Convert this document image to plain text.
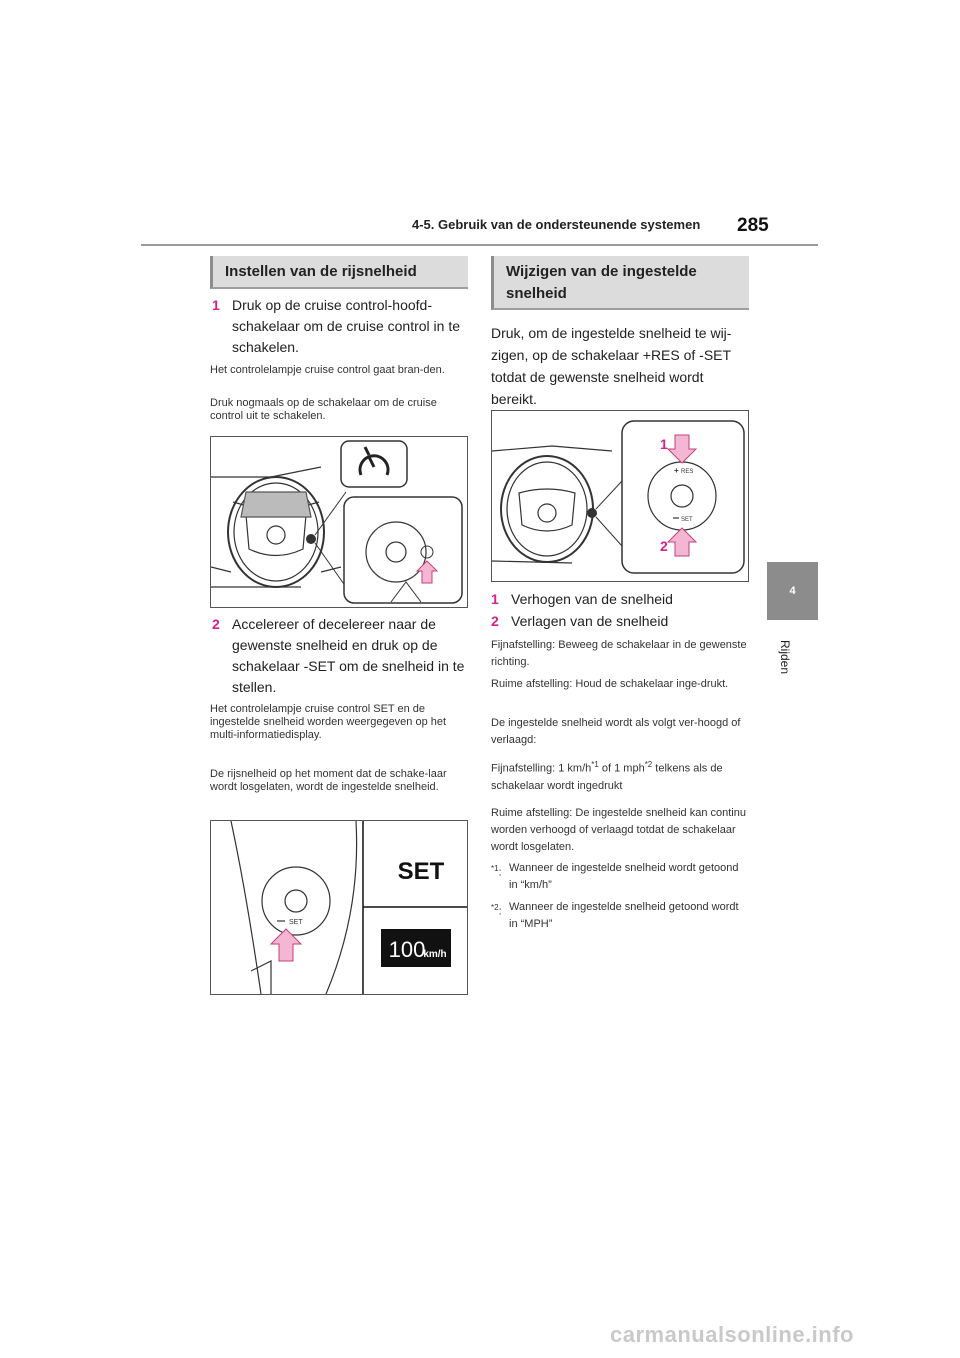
4-5. Gebruik van de ondersteunende systemen 285
4
Rijden
Instellen van de rijsnelheid
1 Druk op de cruise control-hoofd-schakelaar om de cruise control in te schakelen.
Het controlelampje cruise control gaat bran-den.
Druk nogmaals op de schakelaar om de cruise control uit te schakelen.
2 Accelereer of decelereer naar de gewenste snelheid en druk op de schakelaar -SET om de snelheid in te stellen.
Het controlelampje cruise control SET en de ingestelde snelheid worden weergegeven op het multi-informatiedisplay.
De rijsnelheid op het moment dat de schake-laar wordt losgelaten, wordt de ingestelde snelheid.
SET
SET
100
km/h
Wijzigen van de ingestelde snelheid
Druk, om de ingestelde snelheid te wij-zigen, op de schakelaar +RES of -SET totdat de gewenste snelheid wordt bereikt.
+ RES
SET
1
2
1 Verhogen van de snelheid
2 Verlagen van de snelheid
Fijnafstelling: Beweeg de schakelaar in de gewenste richting.
Ruime afstelling: Houd de schakelaar inge-drukt.
De ingestelde snelheid wordt als volgt ver-hoogd of verlaagd:
Fijnafstelling: 1 $km/h^{*1}$ of 1 mph$^{*2}$ telkens als de schakelaar wordt ingedrukt
Ruime afstelling: De ingestelde snelheid kan continu worden verhoogd of verlaagd totdat de schakelaar wordt losgelaten.
$^{*1}$: Wanneer de ingestelde snelheid wordt getoond in “km/h”
$^{*2}$: Wanneer de ingestelde snelheid getoond wordt in “MPH”
carmanualsonline.info
